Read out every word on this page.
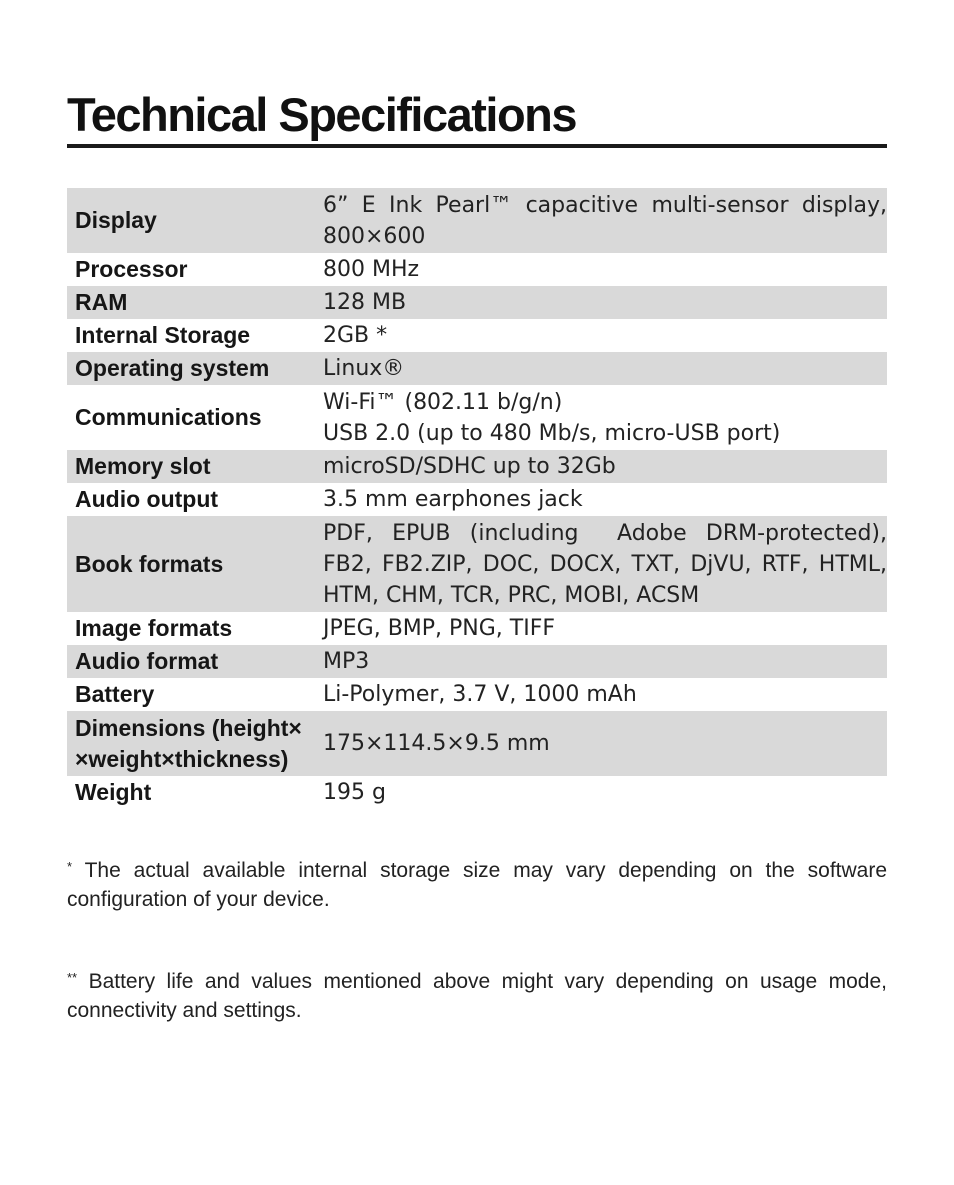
Technical Specifications
Display	6” E Ink Pearl™ capacitive multi-sensor display,
800×600

Processor	800 MHz
RAM	128 MB
Internal Storage	2GB *
Operating system	Linux®
Communications	Wi-Fi™ (802.11 b/g/n)
USB 2.0 (up to 480 Mb/s, micro-USB port)

Memory slot	microSD/SDHC up to 32Gb
Audio output	3.5 mm earphones jack
Book formats	PDF, EPUB (including  Adobe DRM-protected),
FB2, FB2.ZIP, DOC, DOCX, TXT, DjVU, RTF, HTML,
HTM, CHM, TCR, PRC, MOBI, ACSM

Image formats	JPEG, BMP, PNG, TIFF
Audio format	MP3
Battery	Li-Polymer, 3.7 V, 1000 mAh

Dimensions (height×
×weight×thickness)	175×114.5×9.5 mm
Weight	195 g
* The actual available internal storage size may vary depending on the software configuration of your device.
** Battery life and values mentioned above might vary depending on usage mode, connectivity and settings.
